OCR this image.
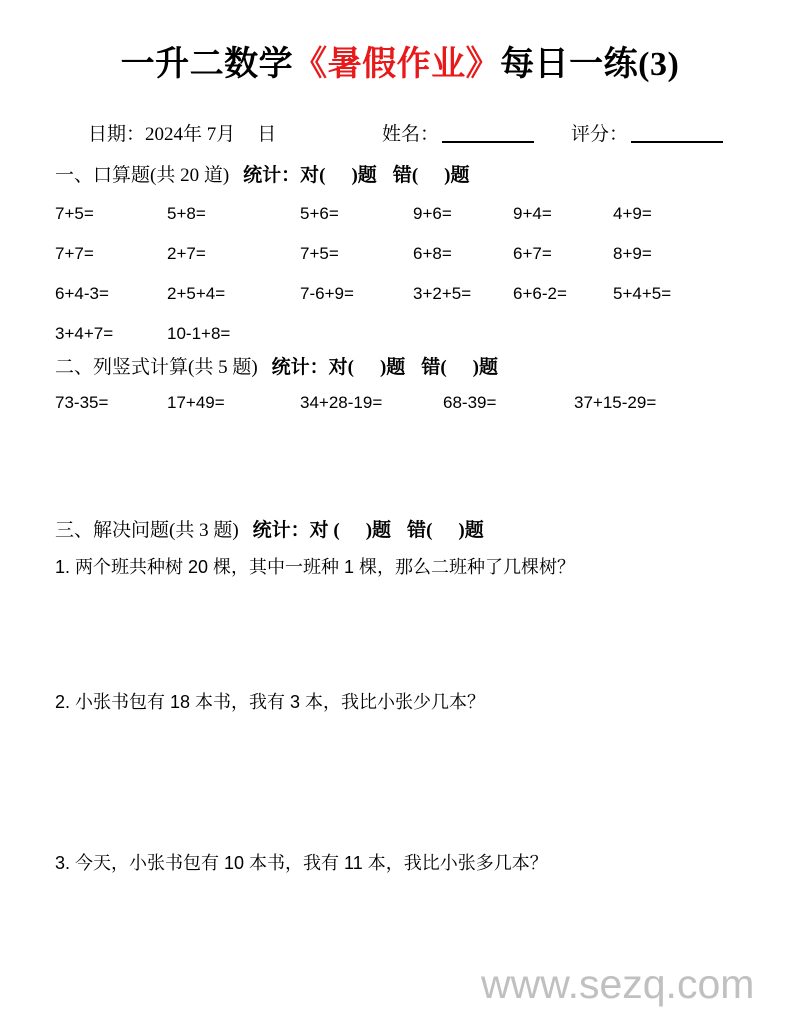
一升二数学《暑假作业》每日一练(3)
日期：2024年 7月 日	姓名：	评分：
一、口算题(共 20 道) 统计：对( )题 错( )题
7+5=	5+8=	5+6=	9+6=	9+4=	4+9=
7+7=	2+7=	7+5=	6+8=	6+7=	8+9=
6+4-3=	2+5+4=	7-6+9=	3+2+5= 6+6-2=	5+4+5=
3+4+7=	10-1+8=
二、列竖式计算(共 5 题) 统计：对( )题 错( )题
73-35=	17+49=	34+28-19=	68-39=	37+15-29=
三、解决问题(共 3 题) 统计：对 ( )题 错( )题
1. 两个班共种树 20 棵，其中一班种 1 棵，那么二班种了几棵树？
2. 小张书包有 18 本书，我有 3 本，我比小张少几本？
3. 今天，小张书包有 10 本书，我有 11 本，我比小张多几本？
www.sezq.com
